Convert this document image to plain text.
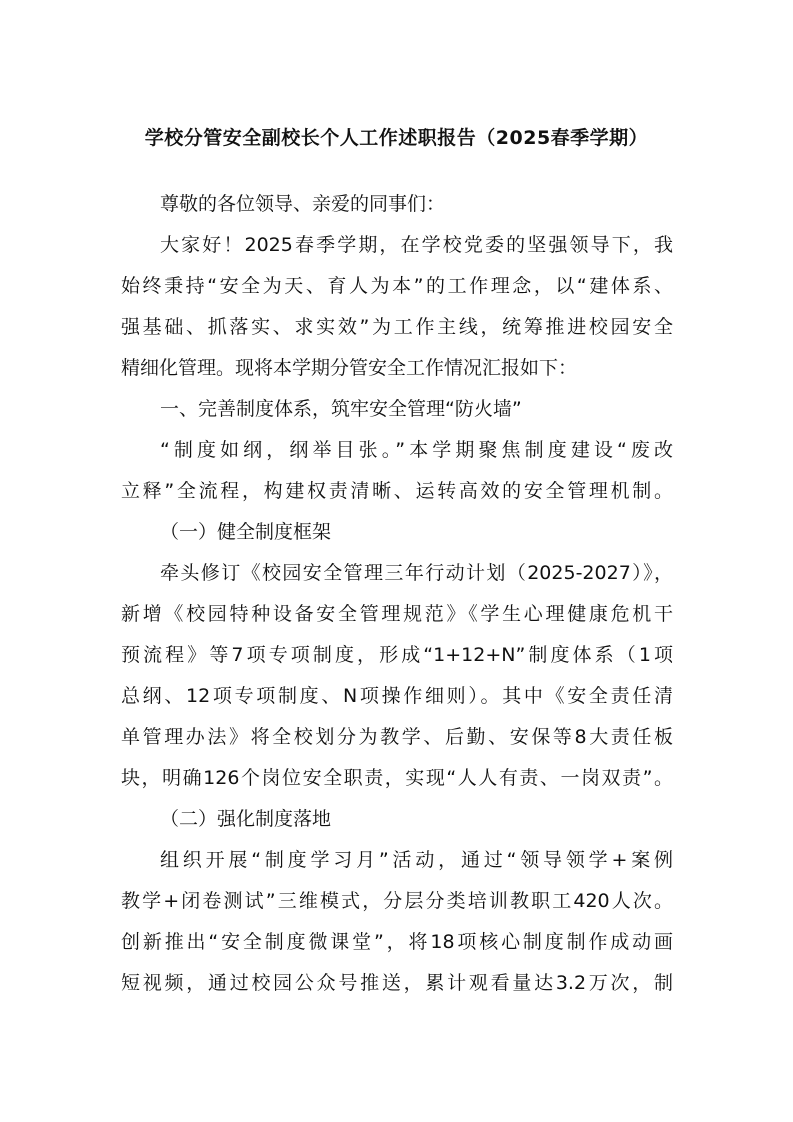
学校分管安全副校长个人工作述职报告（2025春季学期）
尊敬的各位领导、亲爱的同事们：
大家好！2025春季学期，在学校党委的坚强领导下，我
始终秉持“安全为天、育人为本”的工作理念，以“建体系、
强基础、抓落实、求实效”为工作主线，统筹推进校园安全
精细化管理。现将本学期分管安全工作情况汇报如下：
一、完善制度体系，筑牢安全管理“防火墙”
“制度如纲，纲举目张。”本学期聚焦制度建设“废改
立释”全流程，构建权责清晰、运转高效的安全管理机制。
（一）健全制度框架
牵头修订《校园安全管理三年行动计划（2025-2027）》，
新增《校园特种设备安全管理规范》《学生心理健康危机干
预流程》等7项专项制度，形成“1+12+N”制度体系（1项
总纲、12项专项制度、N项操作细则）。其中《安全责任清
单管理办法》将全校划分为教学、后勤、安保等8大责任板
块，明确126个岗位安全职责，实现“人人有责、一岗双责”。
（二）强化制度落地
组织开展“制度学习月”活动，通过“领导领学+案例
教学+闭卷测试”三维模式，分层分类培训教职工420人次。
创新推出“安全制度微课堂”，将18项核心制度制作成动画
短视频，通过校园公众号推送，累计观看量达3.2万次，制
